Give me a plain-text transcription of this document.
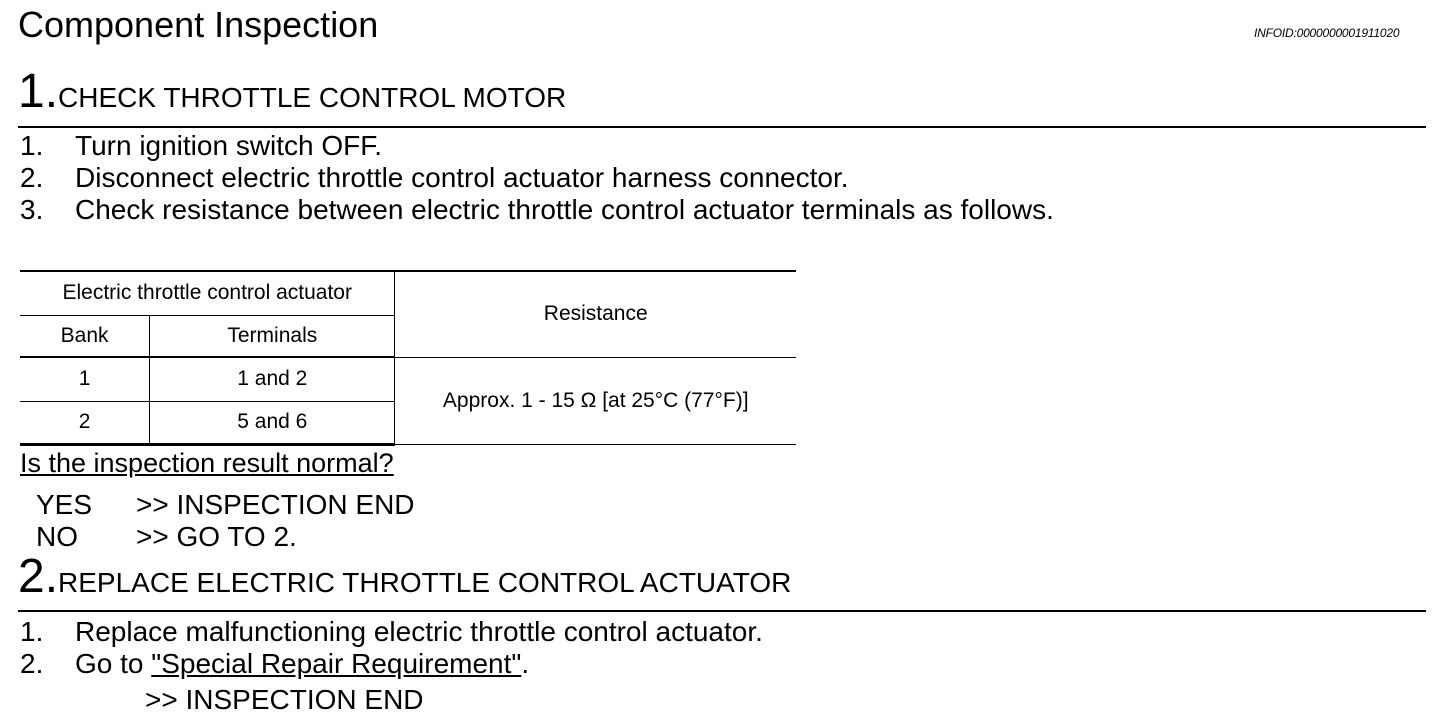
Component Inspection	INFOID:0000000001911020
1.CHECK THROTTLE CONTROL MOTOR
1. Turn ignition switch OFF.
2. Disconnect electric throttle control actuator harness connector.
3. Check resistance between electric throttle control actuator terminals as follows.
Electric throttle control actuator		Resistance
Bank	Terminals	
1	1 and 2	Approx. 1 - 15 Ω [at 25°C (77°F)]
2	5 and 6	
Is the inspection result normal?
YES >> INSPECTION END
NO >> GO TO 2.
2.REPLACE ELECTRIC THROTTLE CONTROL ACTUATOR
1. Replace malfunctioning electric throttle control actuator.
2. Go to "Special Repair Requirement".
>> INSPECTION END
